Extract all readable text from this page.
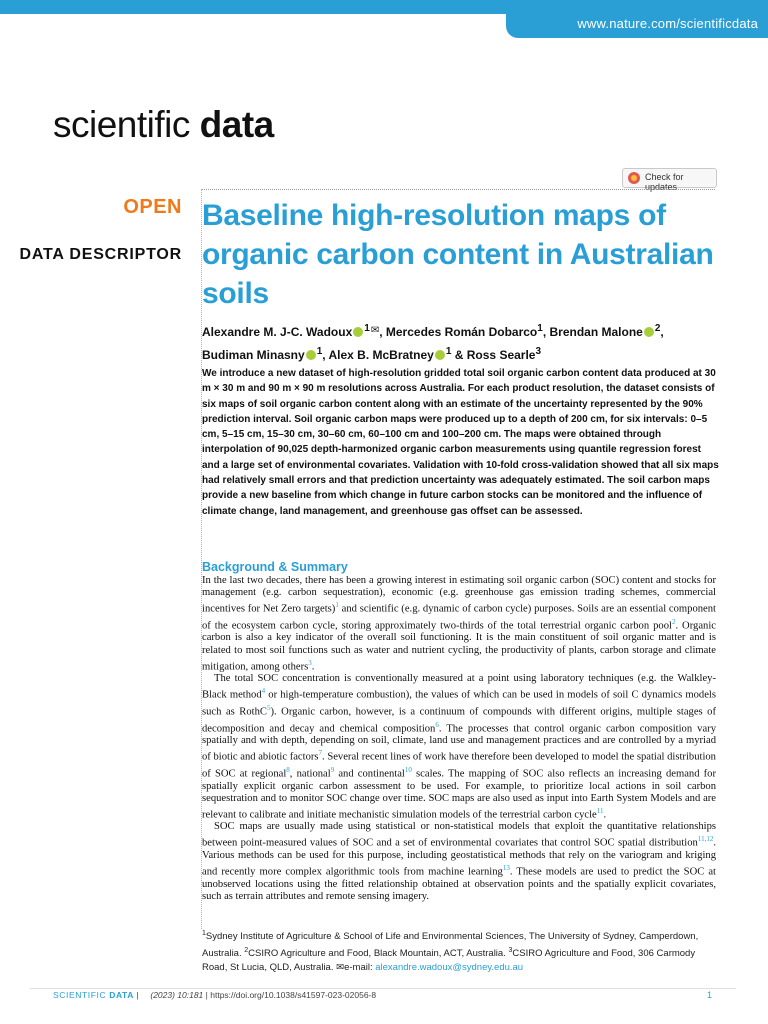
www.nature.com/scientificdata
scientific data
Check for updates
OPEN
DATA DESCRIPTOR
Baseline high-resolution maps of organic carbon content in Australian soils
Alexandre M. J-C. Wadoux $^1$✉, Mercedes Román Dobarco$^1$, Brendan Malone $^2$,
Budiman Minasny $^1$, Alex B. McBratney $^1$ & Ross Searle$^3$
We introduce a new dataset of high-resolution gridded total soil organic carbon content data produced at 30 m × 30 m and 90 m × 90 m resolutions across Australia. For each product resolution, the dataset consists of six maps of soil organic carbon content along with an estimate of the uncertainty represented by the 90% prediction interval. Soil organic carbon maps were produced up to a depth of 200 cm, for six intervals: 0–5 cm, 5–15 cm, 15–30 cm, 30–60 cm, 60–100 cm and 100–200 cm. The maps were obtained through interpolation of 90,025 depth-harmonized organic carbon measurements using quantile regression forest and a large set of environmental covariates. Validation with 10-fold cross-validation showed that all six maps had relatively small errors and that prediction uncertainty was adequately estimated. The soil carbon maps provide a new baseline from which change in future carbon stocks can be monitored and the influence of climate change, land management, and greenhouse gas offset can be assessed.
Background & Summary

In the last two decades, there has been a growing interest in estimating soil organic carbon (SOC) content and stocks for management (e.g. carbon sequestration), economic (e.g. greenhouse gas emission trading schemes, commercial incentives for Net Zero targets)$^1$ and scientific (e.g. dynamic of carbon cycle) purposes. Soils are an essential component of the ecosystem carbon cycle, storing approximately two-thirds of the total terrestrial organic carbon pool$^2$. Organic carbon is also a key indicator of the overall soil functioning. It is the main constituent of soil organic matter and is related to most soil functions such as water and nutrient cycling, the productivity of plants, carbon storage and climate mitigation, among others$^3$.

The total SOC concentration is conventionally measured at a point using laboratory techniques (e.g. the Walkley-Black method$^4$ or high-temperature combustion), the values of which can be used in models of soil C dynamics models such as RothC$^5$). Organic carbon, however, is a continuum of compounds with different origins, multiple stages of decomposition and decay and chemical composition$^6$. The processes that control organic carbon composition vary spatially and with depth, depending on soil, climate, land use and management practices and are controlled by a myriad of biotic and abiotic factors$^7$. Several recent lines of work have therefore been developed to model the spatial distribution of SOC at regional$^8$, national$^9$ and continental$^{10}$ scales. The mapping of SOC also reflects an increasing demand for spatially explicit organic carbon assessment to be used. For example, to prioritize local actions in soil carbon sequestration and to monitor SOC change over time. SOC maps are also used as input into Earth System Models and are relevant to calibrate and initiate mechanistic simulation models of the terrestrial carbon cycle$^{11}$.

SOC maps are usually made using statistical or non-statistical models that exploit the quantitative relationships between point-measured values of SOC and a set of environmental covariates that control SOC spatial distribution$^{11,12}$. Various methods can be used for this purpose, including geostatistical methods that rely on the variogram and kriging and recently more complex algorithmic tools from machine learning$^{13}$. These models are used to predict the SOC at unobserved locations using the fitted relationship obtained at observation points and the spatially explicit covariates, such as terrain attributes and remote sensing imagery.

$^1$Sydney Institute of Agriculture & School of Life and Environmental Sciences, The University of Sydney, Camperdown, Australia. $^2$CSIRO Agriculture and Food, Black Mountain, ACT, Australia. $^3$CSIRO Agriculture and Food, 306 Carmody Road, St Lucia, QLD, Australia. ✉e-mail: alexandre.wadoux@sydney.edu.au
SCIENTIFIC DATA | (2023) 10:181 | https://doi.org/10.1038/s41597-023-02056-8	1
